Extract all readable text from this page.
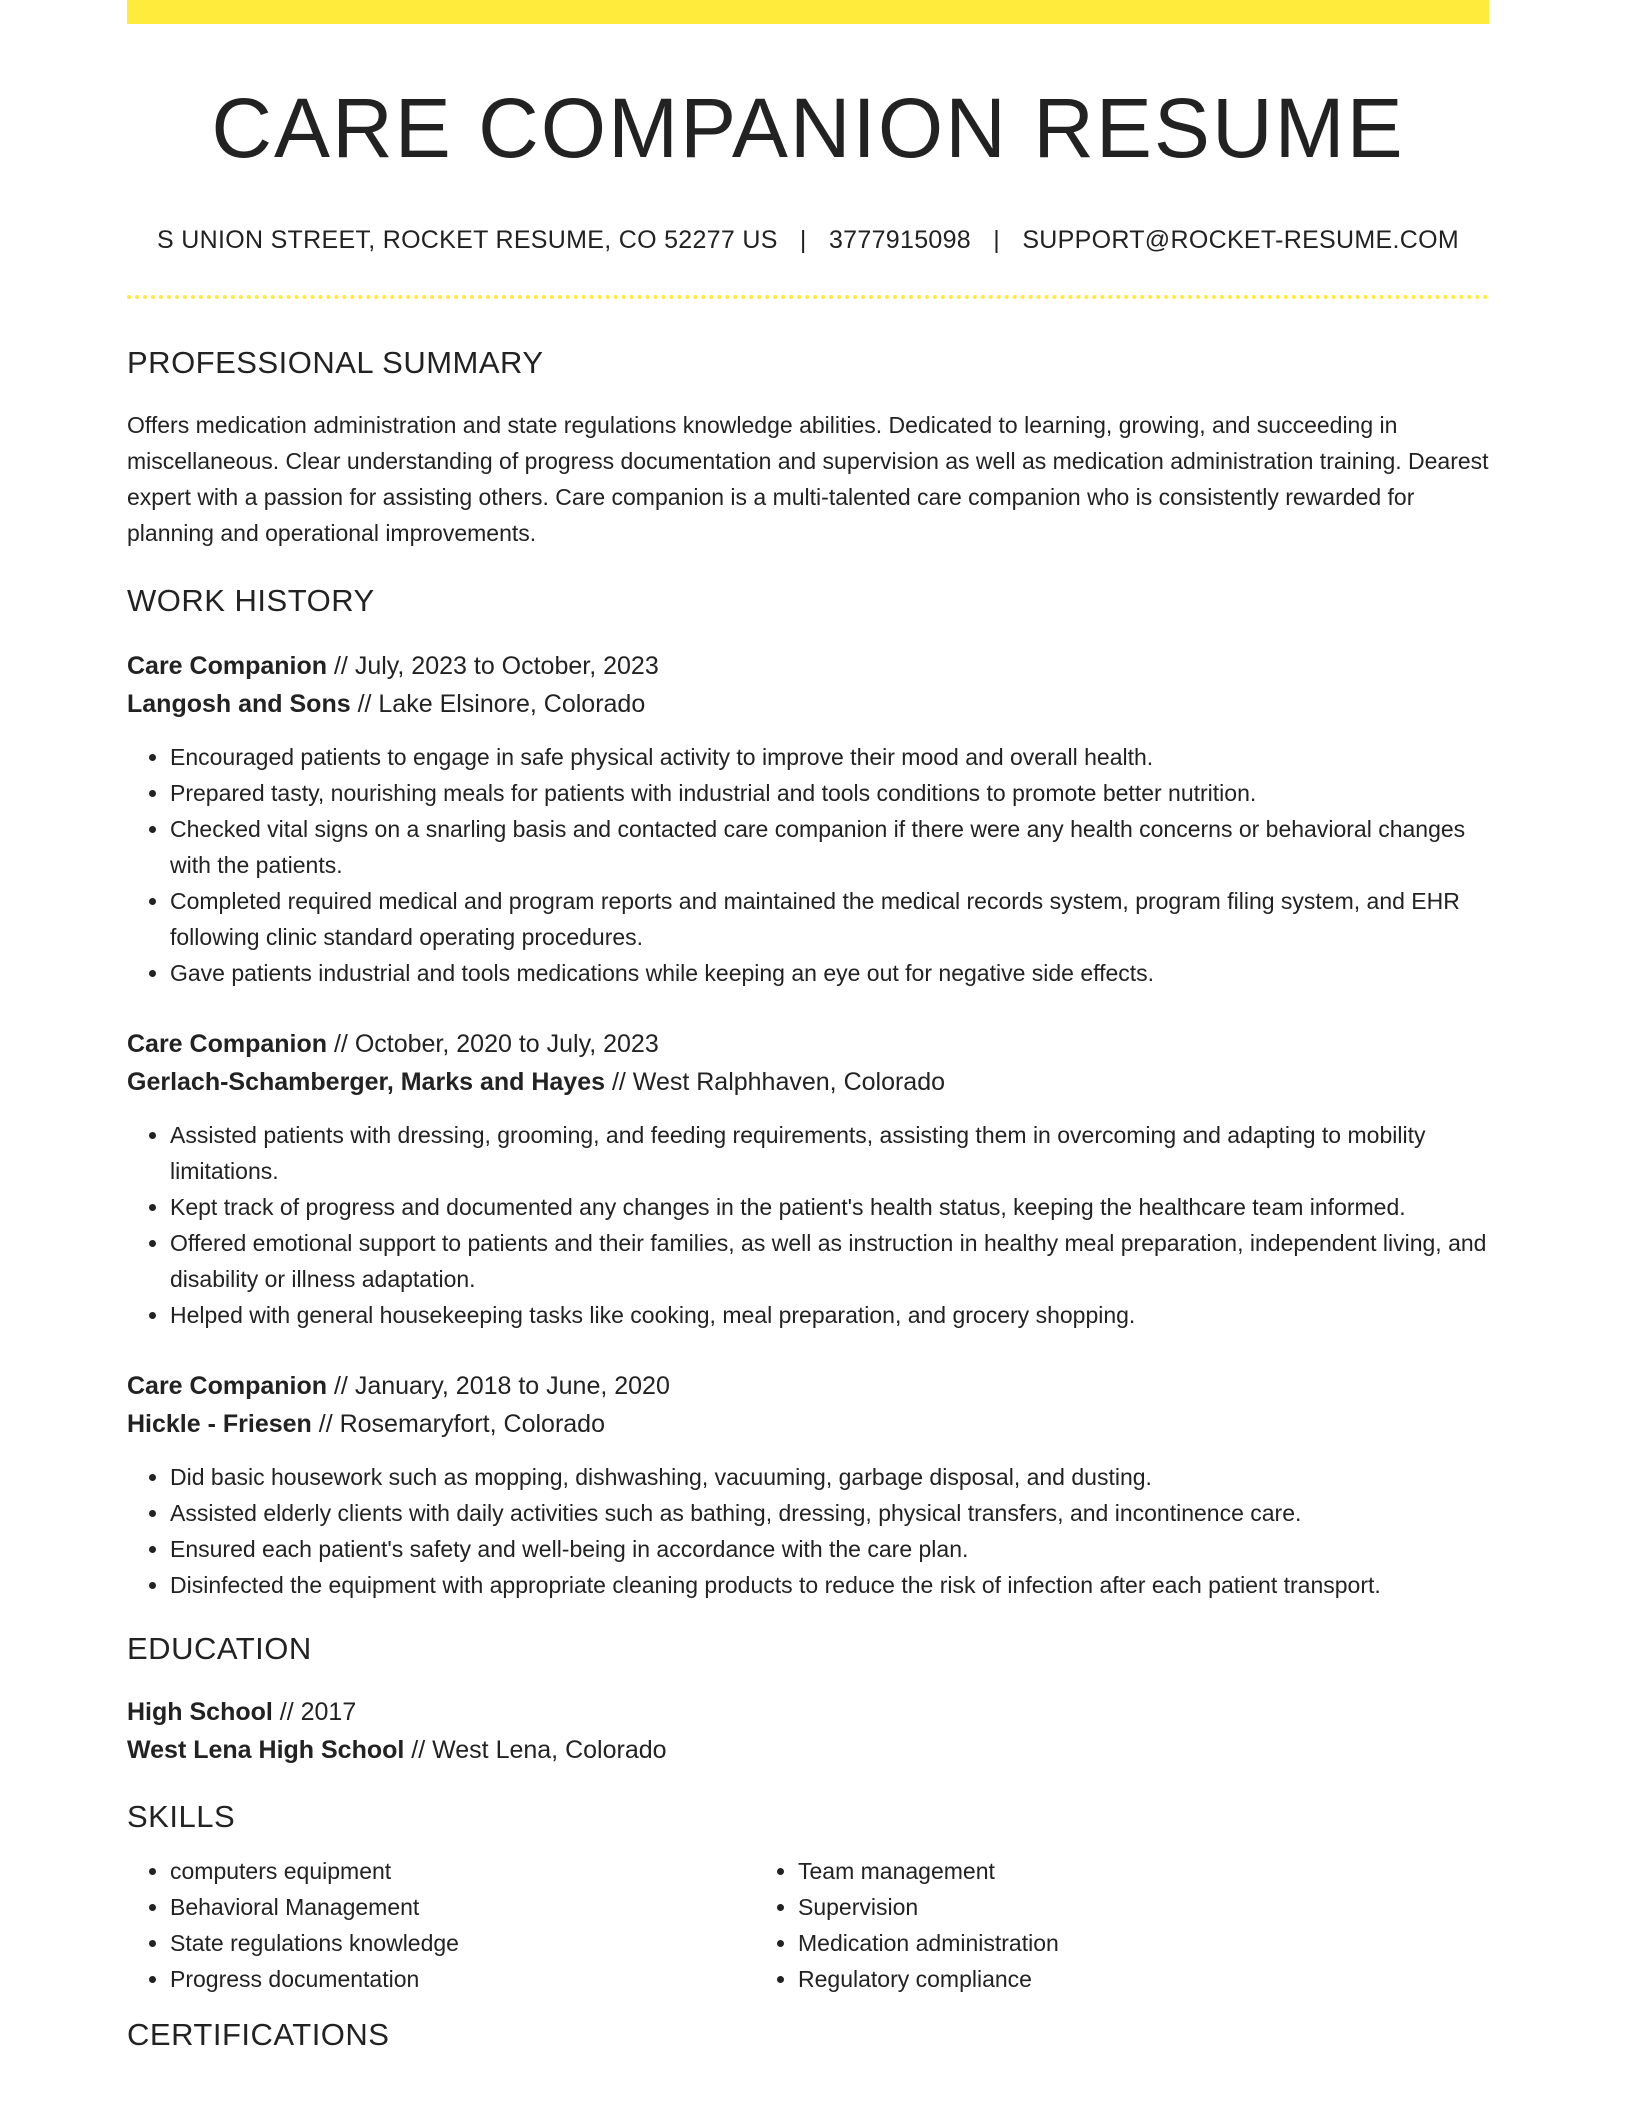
CARE COMPANION RESUME
S UNION STREET, ROCKET RESUME, CO 52277 US | 3777915098 | SUPPORT@ROCKET-RESUME.COM
PROFESSIONAL SUMMARY

Offers medication administration and state regulations knowledge abilities. Dedicated to learning, growing, and succeeding in miscellaneous. Clear understanding of progress documentation and supervision as well as medication administration training. Dearest expert with a passion for assisting others. Care companion is a multi-talented care companion who is consistently rewarded for planning and operational improvements.

WORK HISTORY
Care Companion // July, 2023 to October, 2023
Langosh and Sons // Lake Elsinore, Colorado
• Encouraged patients to engage in safe physical activity to improve their mood and overall health.
• Prepared tasty, nourishing meals for patients with industrial and tools conditions to promote better nutrition.
• Checked vital signs on a snarling basis and contacted care companion if there were any health concerns or behavioral changes with the patients.
• Completed required medical and program reports and maintained the medical records system, program filing system, and EHR following clinic standard operating procedures.
• Gave patients industrial and tools medications while keeping an eye out for negative side effects.
Care Companion // October, 2020 to July, 2023
Gerlach-Schamberger, Marks and Hayes // West Ralphhaven, Colorado
• Assisted patients with dressing, grooming, and feeding requirements, assisting them in overcoming and adapting to mobility limitations.
• Kept track of progress and documented any changes in the patient's health status, keeping the healthcare team informed.
• Offered emotional support to patients and their families, as well as instruction in healthy meal preparation, independent living, and disability or illness adaptation.
• Helped with general housekeeping tasks like cooking, meal preparation, and grocery shopping.
Care Companion // January, 2018 to June, 2020
Hickle - Friesen // Rosemaryfort, Colorado
• Did basic housework such as mopping, dishwashing, vacuuming, garbage disposal, and dusting.
• Assisted elderly clients with daily activities such as bathing, dressing, physical transfers, and incontinence care.
• Ensured each patient's safety and well-being in accordance with the care plan.
• Disinfected the equipment with appropriate cleaning products to reduce the risk of infection after each patient transport.
EDUCATION
High School // 2017
West Lena High School // West Lena, Colorado
SKILLS
• computers equipment
• Behavioral Management
• State regulations knowledge
• Progress documentation
• Team management
• Supervision
• Medication administration
• Regulatory compliance
CERTIFICATIONS
